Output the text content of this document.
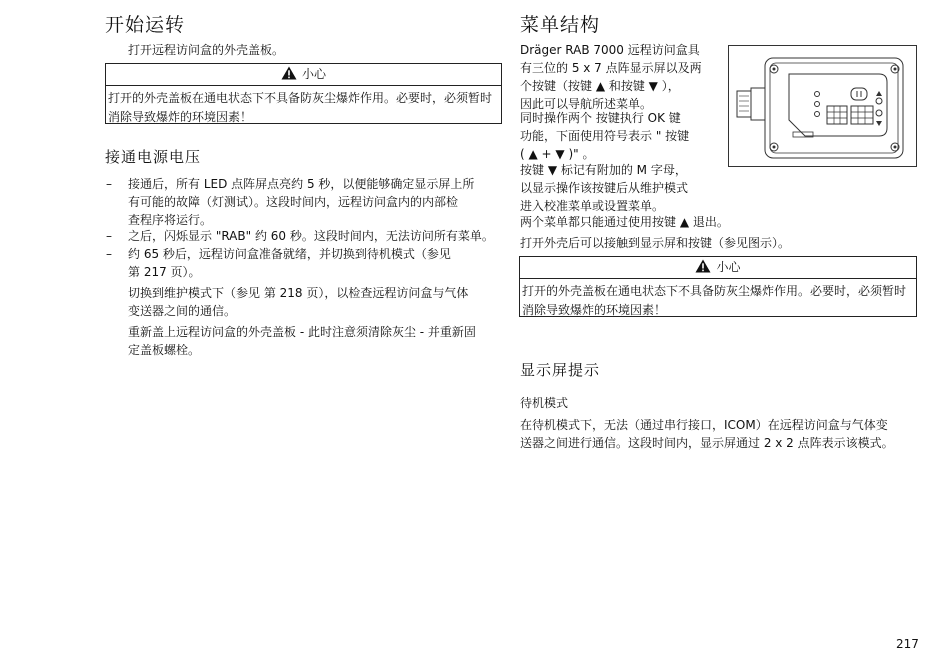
开始运转
打开远程访问盒的外壳盖板。
小心
打开的外壳盖板在通电状态下不具备防灰尘爆炸作用。必要时，必须暂时消除导致爆炸的环境因素！
接通电源电压
– 接通后，所有 LED 点阵屏点亮约 5 秒，以便能够确定显示屏上所
有可能的故障（灯测试）。这段时间内，远程访问盒内的内部检
查程序将运行。
– 之后，闪烁显示 "RAB" 约 60 秒。这段时间内，无法访问所有菜单。
– 约 65 秒后，远程访问盒准备就绪，并切换到待机模式（参见
第 217 页）。
切换到维护模式下（参见 第 218 页），以检查远程访问盒与气体
变送器之间的通信。
重新盖上远程访问盒的外壳盖板 - 此时注意须清除灰尘 - 并重新固
定盖板螺栓。
菜单结构
Dräger RAB 7000 远程访问盒具
有三位的 5 x 7 点阵显示屏以及两
个按键（按键 ▲ 和按键 ▼ ），
因此可以导航所述菜单。
同时操作两个 按键执行 OK 键
功能，下面使用符号表示 " 按键
( ▲ + ▼ )" 。
按键 ▼ 标记有附加的 M 字母，
以显示操作该按键后从维护模式
进入校准菜单或设置菜单。
两个菜单都只能通过使用按键 ▲ 退出。
打开外壳后可以接触到显示屏和按键（参见图示）。
小心
打开的外壳盖板在通电状态下不具备防灰尘爆炸作用。必要时，必须暂时消除导致爆炸的环境因素！
显示屏提示
待机模式
在待机模式下，无法（通过串行接口，ICOM）在远程访问盒与气体变
送器之间进行通信。这段时间内，显示屏通过 2 x 2 点阵表示该模式。
217
